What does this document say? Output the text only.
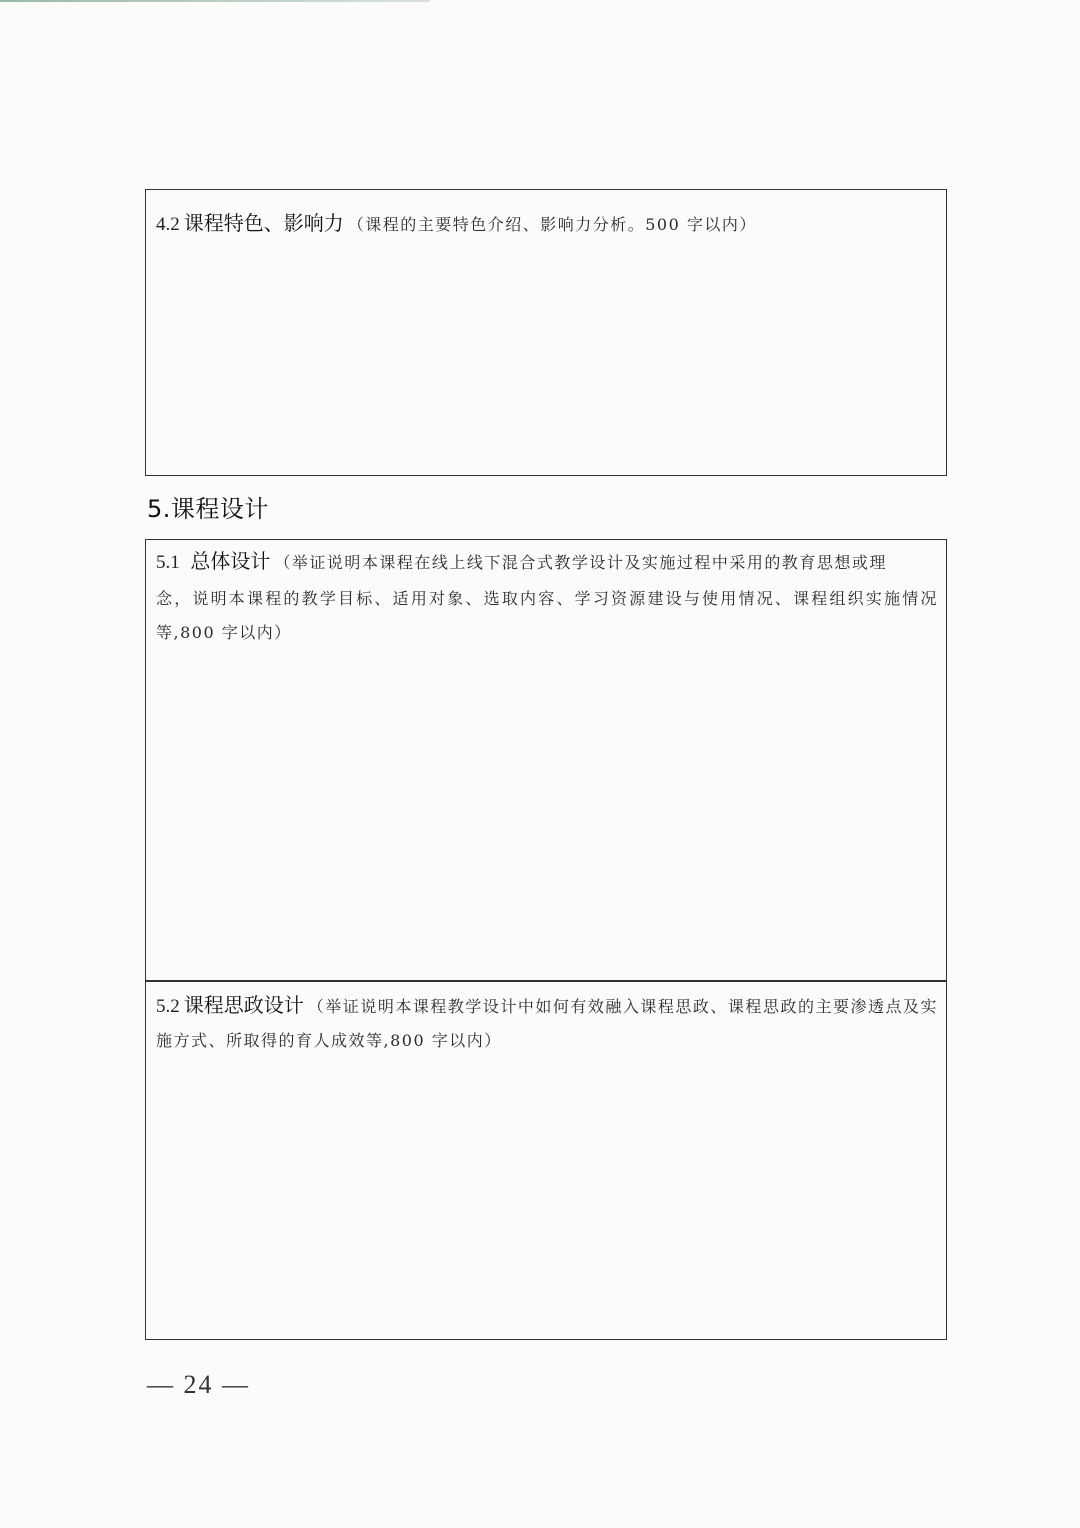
4.2 课程特色、影响力 （课程的主要特色介绍、影响力分析。500 字以内）
5.课程设计
5.1 总体设计 （举证说明本课程在线上线下混合式教学设计及实施过程中采用的教育思想或理
念，说明本课程的教学目标、适用对象、选取内容、学习资源建设与使用情况、课程组织实施情况等,800 字以内）
5.2 课程思政设计 （举证说明本课程教学设计中如何有效融入课程思政、课程思政的主要渗透点及实施方式、所取得的育人成效等,800 字以内）
— 24 —
